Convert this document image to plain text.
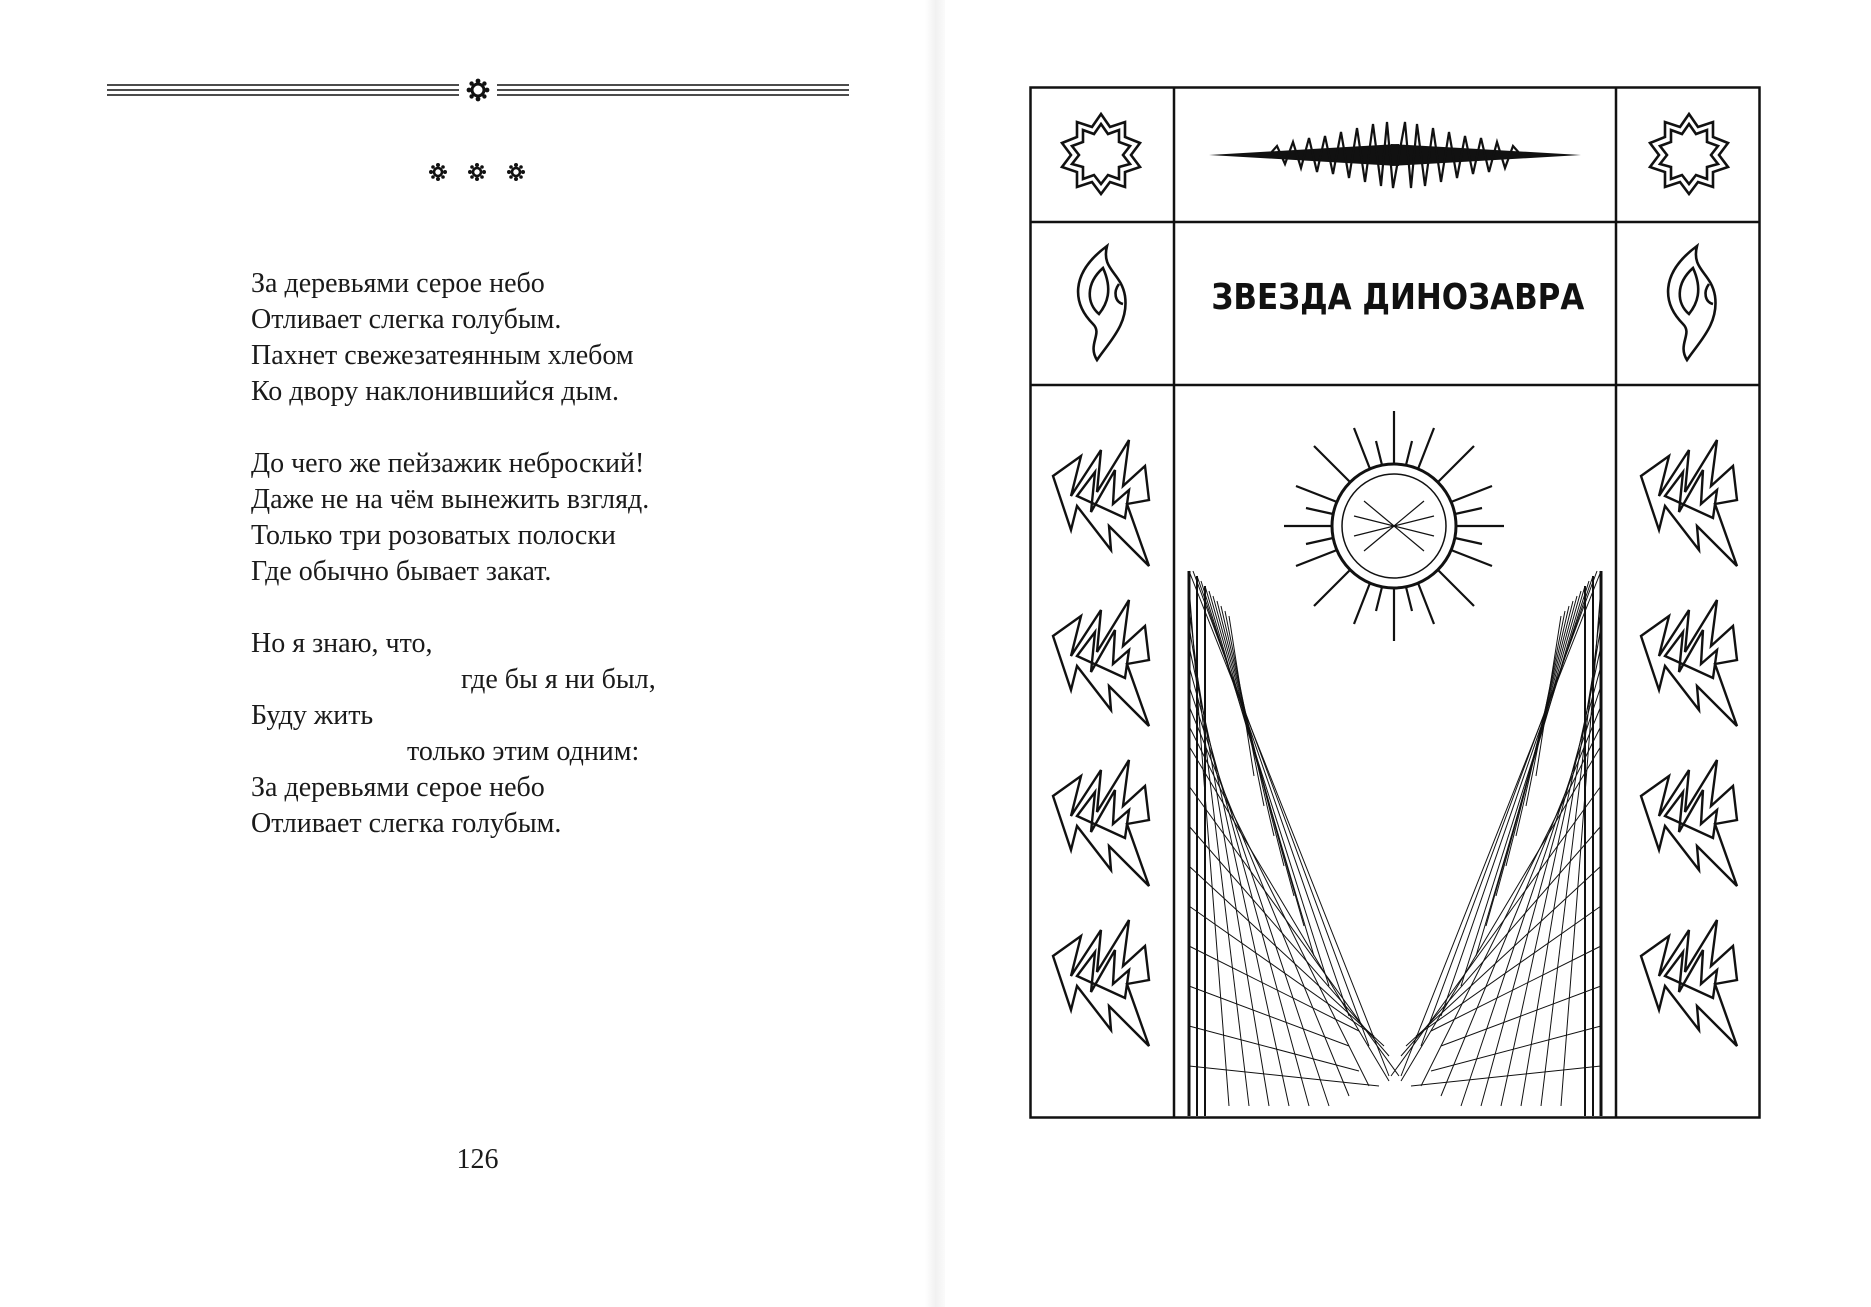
За деревьями серое небо
Отливает слегка голубым.
Пахнет свежезатеянным хлебом
Ко двору наклонившийся дым.
До чего же пейзажик неброский!
Даже не на чём вынежить взгляд.
Только три розоватых полоски
Где обычно бывает закат.
Но я знаю, что,
где бы я ни был,
Буду жить
только этим одним:
За деревьями серое небо
Отливает слегка голубым.
126
ЗВЕЗДА ДИНОЗАВРА
